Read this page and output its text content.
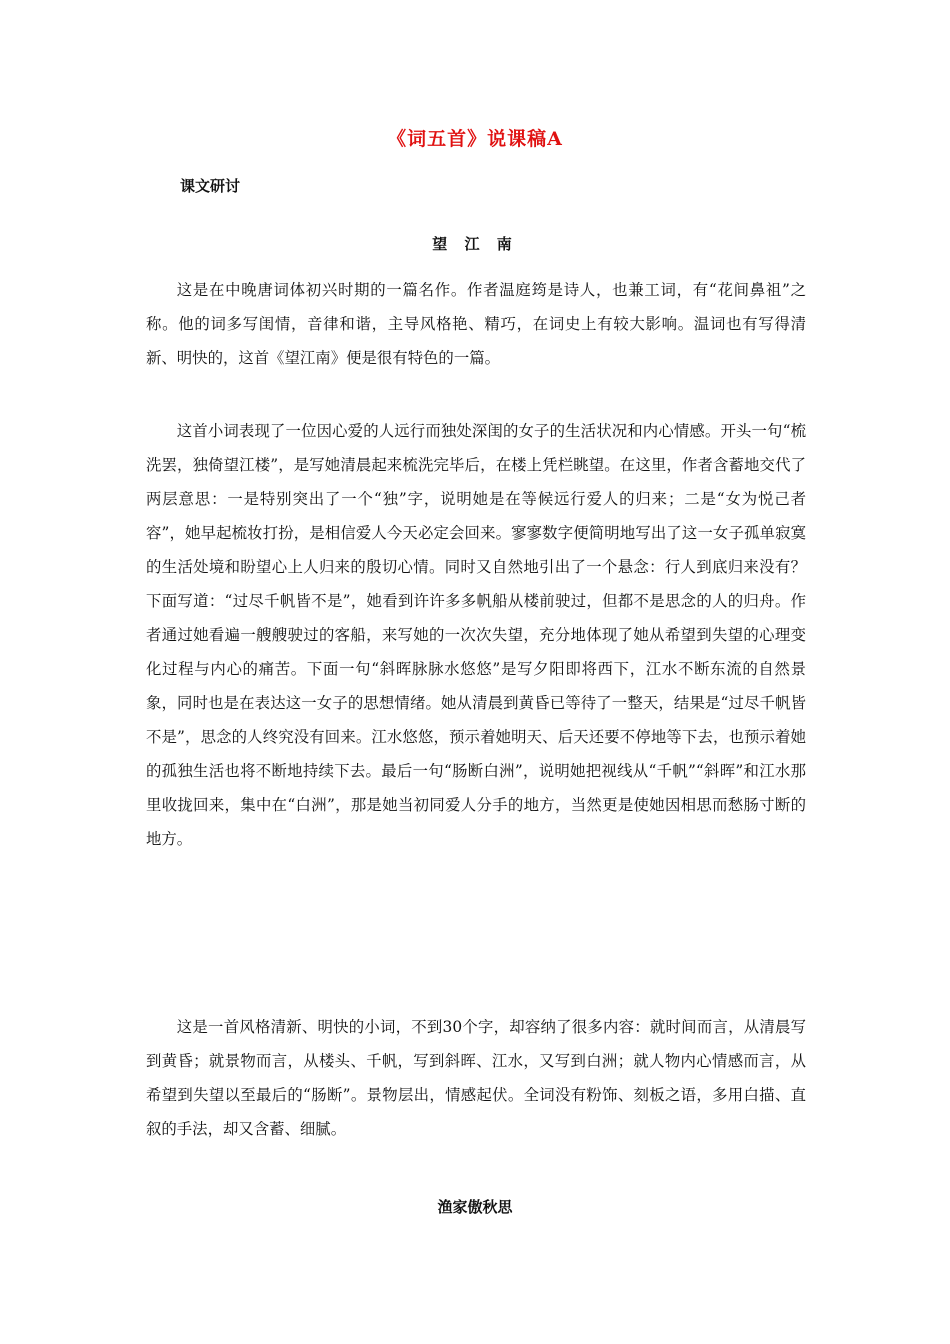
《词五首》说课稿A
课文研讨
望 江 南

这是在中晚唐词体初兴时期的一篇名作。作者温庭筠是诗人，也兼工词，有“花间鼻祖”之称。他的词多写闺情，音律和谐，主导风格艳、精巧，在词史上有较大影响。温词也有写得清新、明快的，这首《望江南》便是很有特色的一篇。

这首小词表现了一位因心爱的人远行而独处深闺的女子的生活状况和内心情感。开头一句“梳洗罢，独倚望江楼”，是写她清晨起来梳洗完毕后，在楼上凭栏眺望。在这里，作者含蓄地交代了两层意思：一是特别突出了一个“独”字，说明她是在等候远行爱人的归来；二是“女为悦己者容”，她早起梳妆打扮，是相信爱人今天必定会回来。寥寥数字便简明地写出了这一女子孤单寂寞的生活处境和盼望心上人归来的殷切心情。同时又自然地引出了一个悬念：行人到底归来没有？下面写道：“过尽千帆皆不是”，她看到许许多多帆船从楼前驶过，但都不是思念的人的归舟。作者通过她看遍一艘艘驶过的客船，来写她的一次次失望，充分地体现了她从希望到失望的心理变化过程与内心的痛苦。下面一句“斜晖脉脉水悠悠”是写夕阳即将西下，江水不断东流的自然景象，同时也是在表达这一女子的思想情绪。她从清晨到黄昏已等待了一整天，结果是“过尽千帆皆不是”，思念的人终究没有回来。江水悠悠，预示着她明天、后天还要不停地等下去，也预示着她的孤独生活也将不断地持续下去。最后一句“肠断白洲”，说明她把视线从“千帆”“斜晖”和江水那里收拢回来，集中在“白洲”，那是她当初同爱人分手的地方，当然更是使她因相思而愁肠寸断的地方。

这是一首风格清新、明快的小词，不到30个字，却容纳了很多内容：就时间而言，从清晨写到黄昏；就景物而言，从楼头、千帆，写到斜晖、江水，又写到白洲；就人物内心情感而言，从希望到失望以至最后的“肠断”。景物层出，情感起伏。全词没有粉饰、刻板之语，多用白描、直叙的手法，却又含蓄、细腻。

渔家傲秋思
